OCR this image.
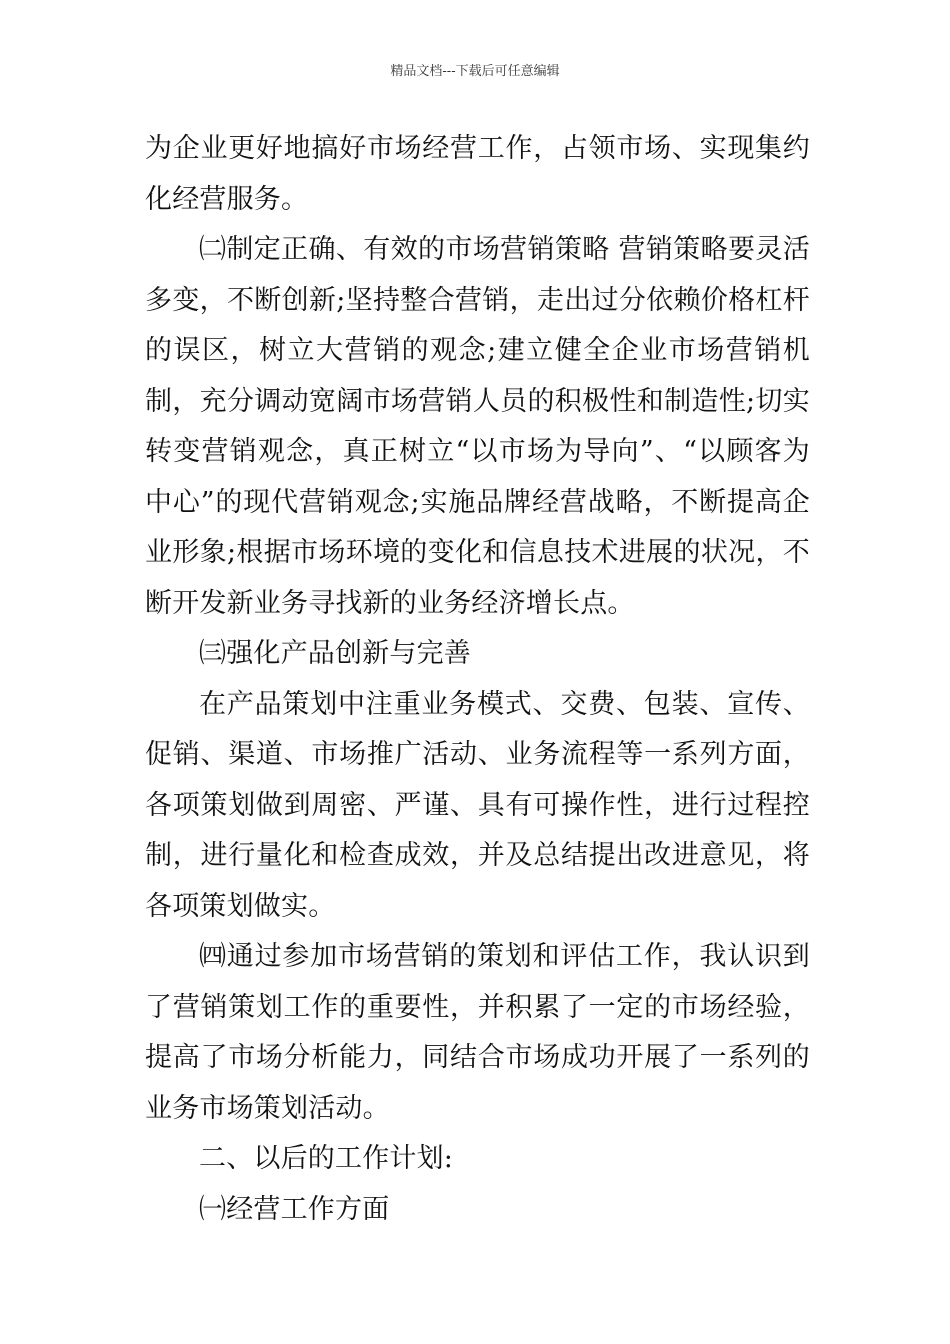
精品文档---下载后可任意编辑

为企业更好地搞好市场经营工作，占领市场、实现集约化经营服务。

㈡制定正确、有效的市场营销策略 营销策略要灵活多变，不断创新;坚持整合营销，走出过分依赖价格杠杆的误区，树立大营销的观念;建立健全企业市场营销机制，充分调动宽阔市场营销人员的积极性和制造性;切实转变营销观念，真正树立“以市场为导向”、“以顾客为中心”的现代营销观念;实施品牌经营战略，不断提高企业形象;根据市场环境的变化和信息技术进展的状况，不断开发新业务寻找新的业务经济增长点。

㈢强化产品创新与完善

在产品策划中注重业务模式、交费、包装、宣传、促销、渠道、市场推广活动、业务流程等一系列方面，各项策划做到周密、严谨、具有可操作性，进行过程控制，进行量化和检查成效，并及总结提出改进意见，将各项策划做实。

㈣通过参加市场营销的策划和评估工作，我认识到了营销策划工作的重要性，并积累了一定的市场经验，提高了市场分析能力，同结合市场成功开展了一系列的业务市场策划活动。

二、以后的工作计划:

㈠经营工作方面
